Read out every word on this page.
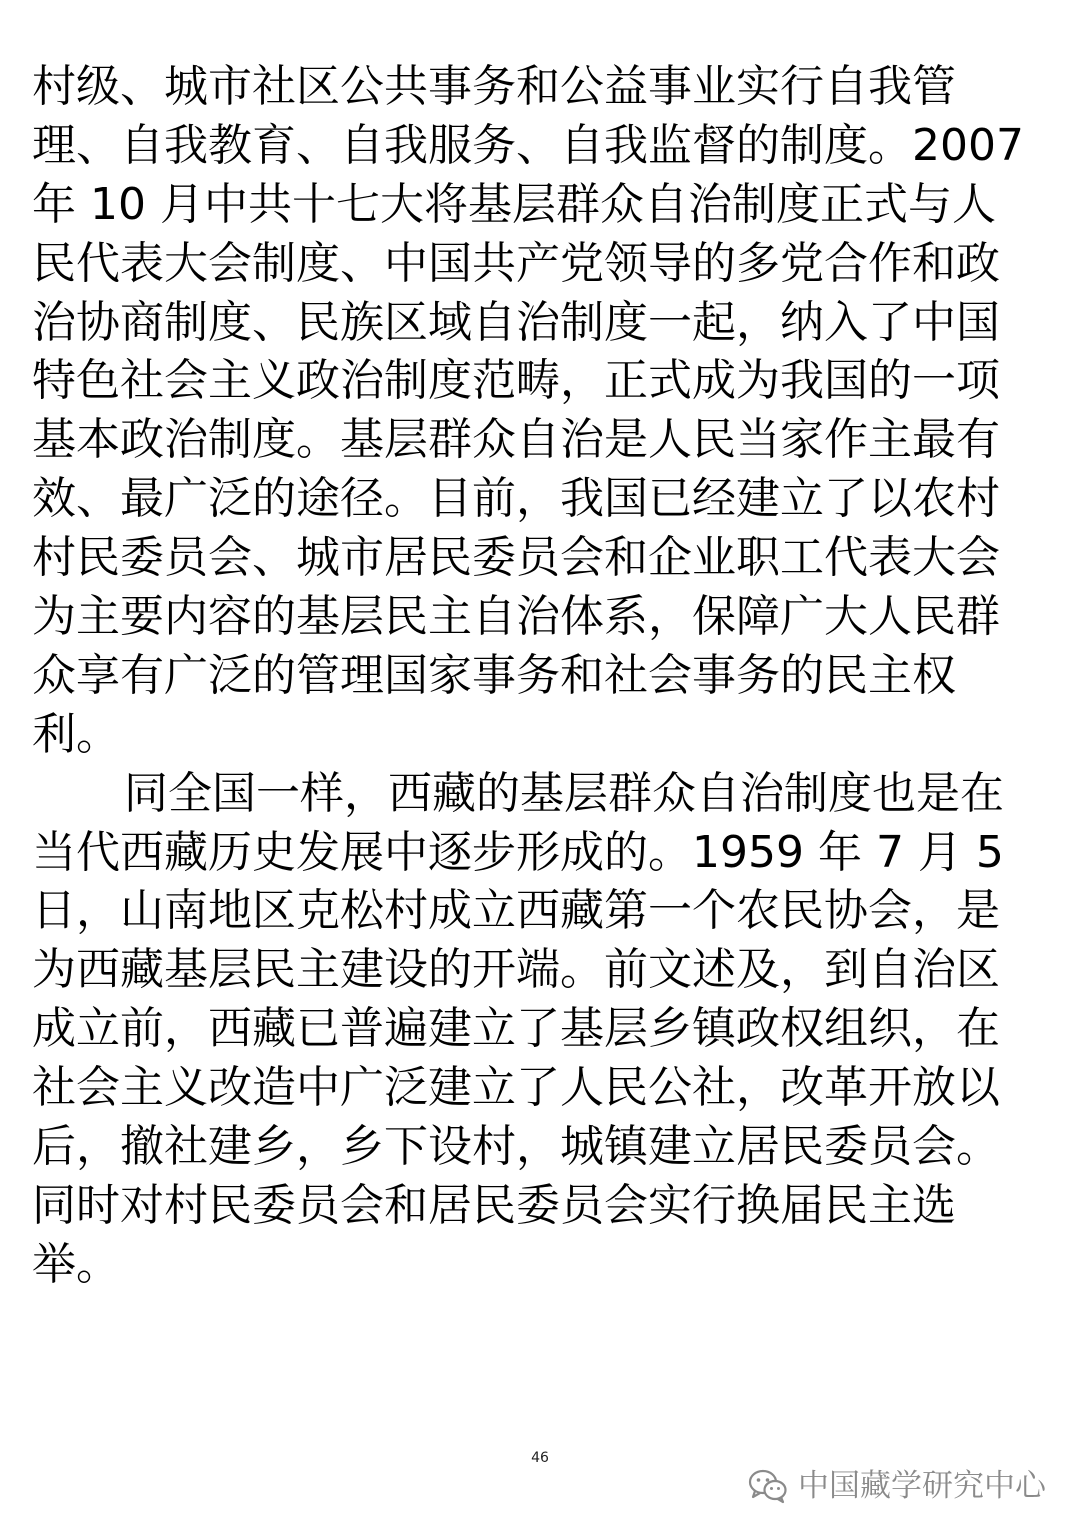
村级、城市社区公共事务和公益事业实行自我管
理、自我教育、自我服务、自我监督的制度。2007
年 10 月中共十七大将基层群众自治制度正式与人
民代表大会制度、中国共产党领导的多党合作和政
治协商制度、民族区域自治制度一起，纳入了中国
特色社会主义政治制度范畴，正式成为我国的一项
基本政治制度。基层群众自治是人民当家作主最有
效、最广泛的途径。目前，我国已经建立了以农村
村民委员会、城市居民委员会和企业职工代表大会
为主要内容的基层民主自治体系，保障广大人民群
众享有广泛的管理国家事务和社会事务的民主权
利。
同全国一样，西藏的基层群众自治制度也是在
当代西藏历史发展中逐步形成的。1959 年 7 月 5
日，山南地区克松村成立西藏第一个农民协会，是
为西藏基层民主建设的开端。前文述及，到自治区
成立前，西藏已普遍建立了基层乡镇政权组织，在
社会主义改造中广泛建立了人民公社，改革开放以
后，撤社建乡，乡下设村，城镇建立居民委员会。
同时对村民委员会和居民委员会实行换届民主选
举。
46
中国藏学研究中心
